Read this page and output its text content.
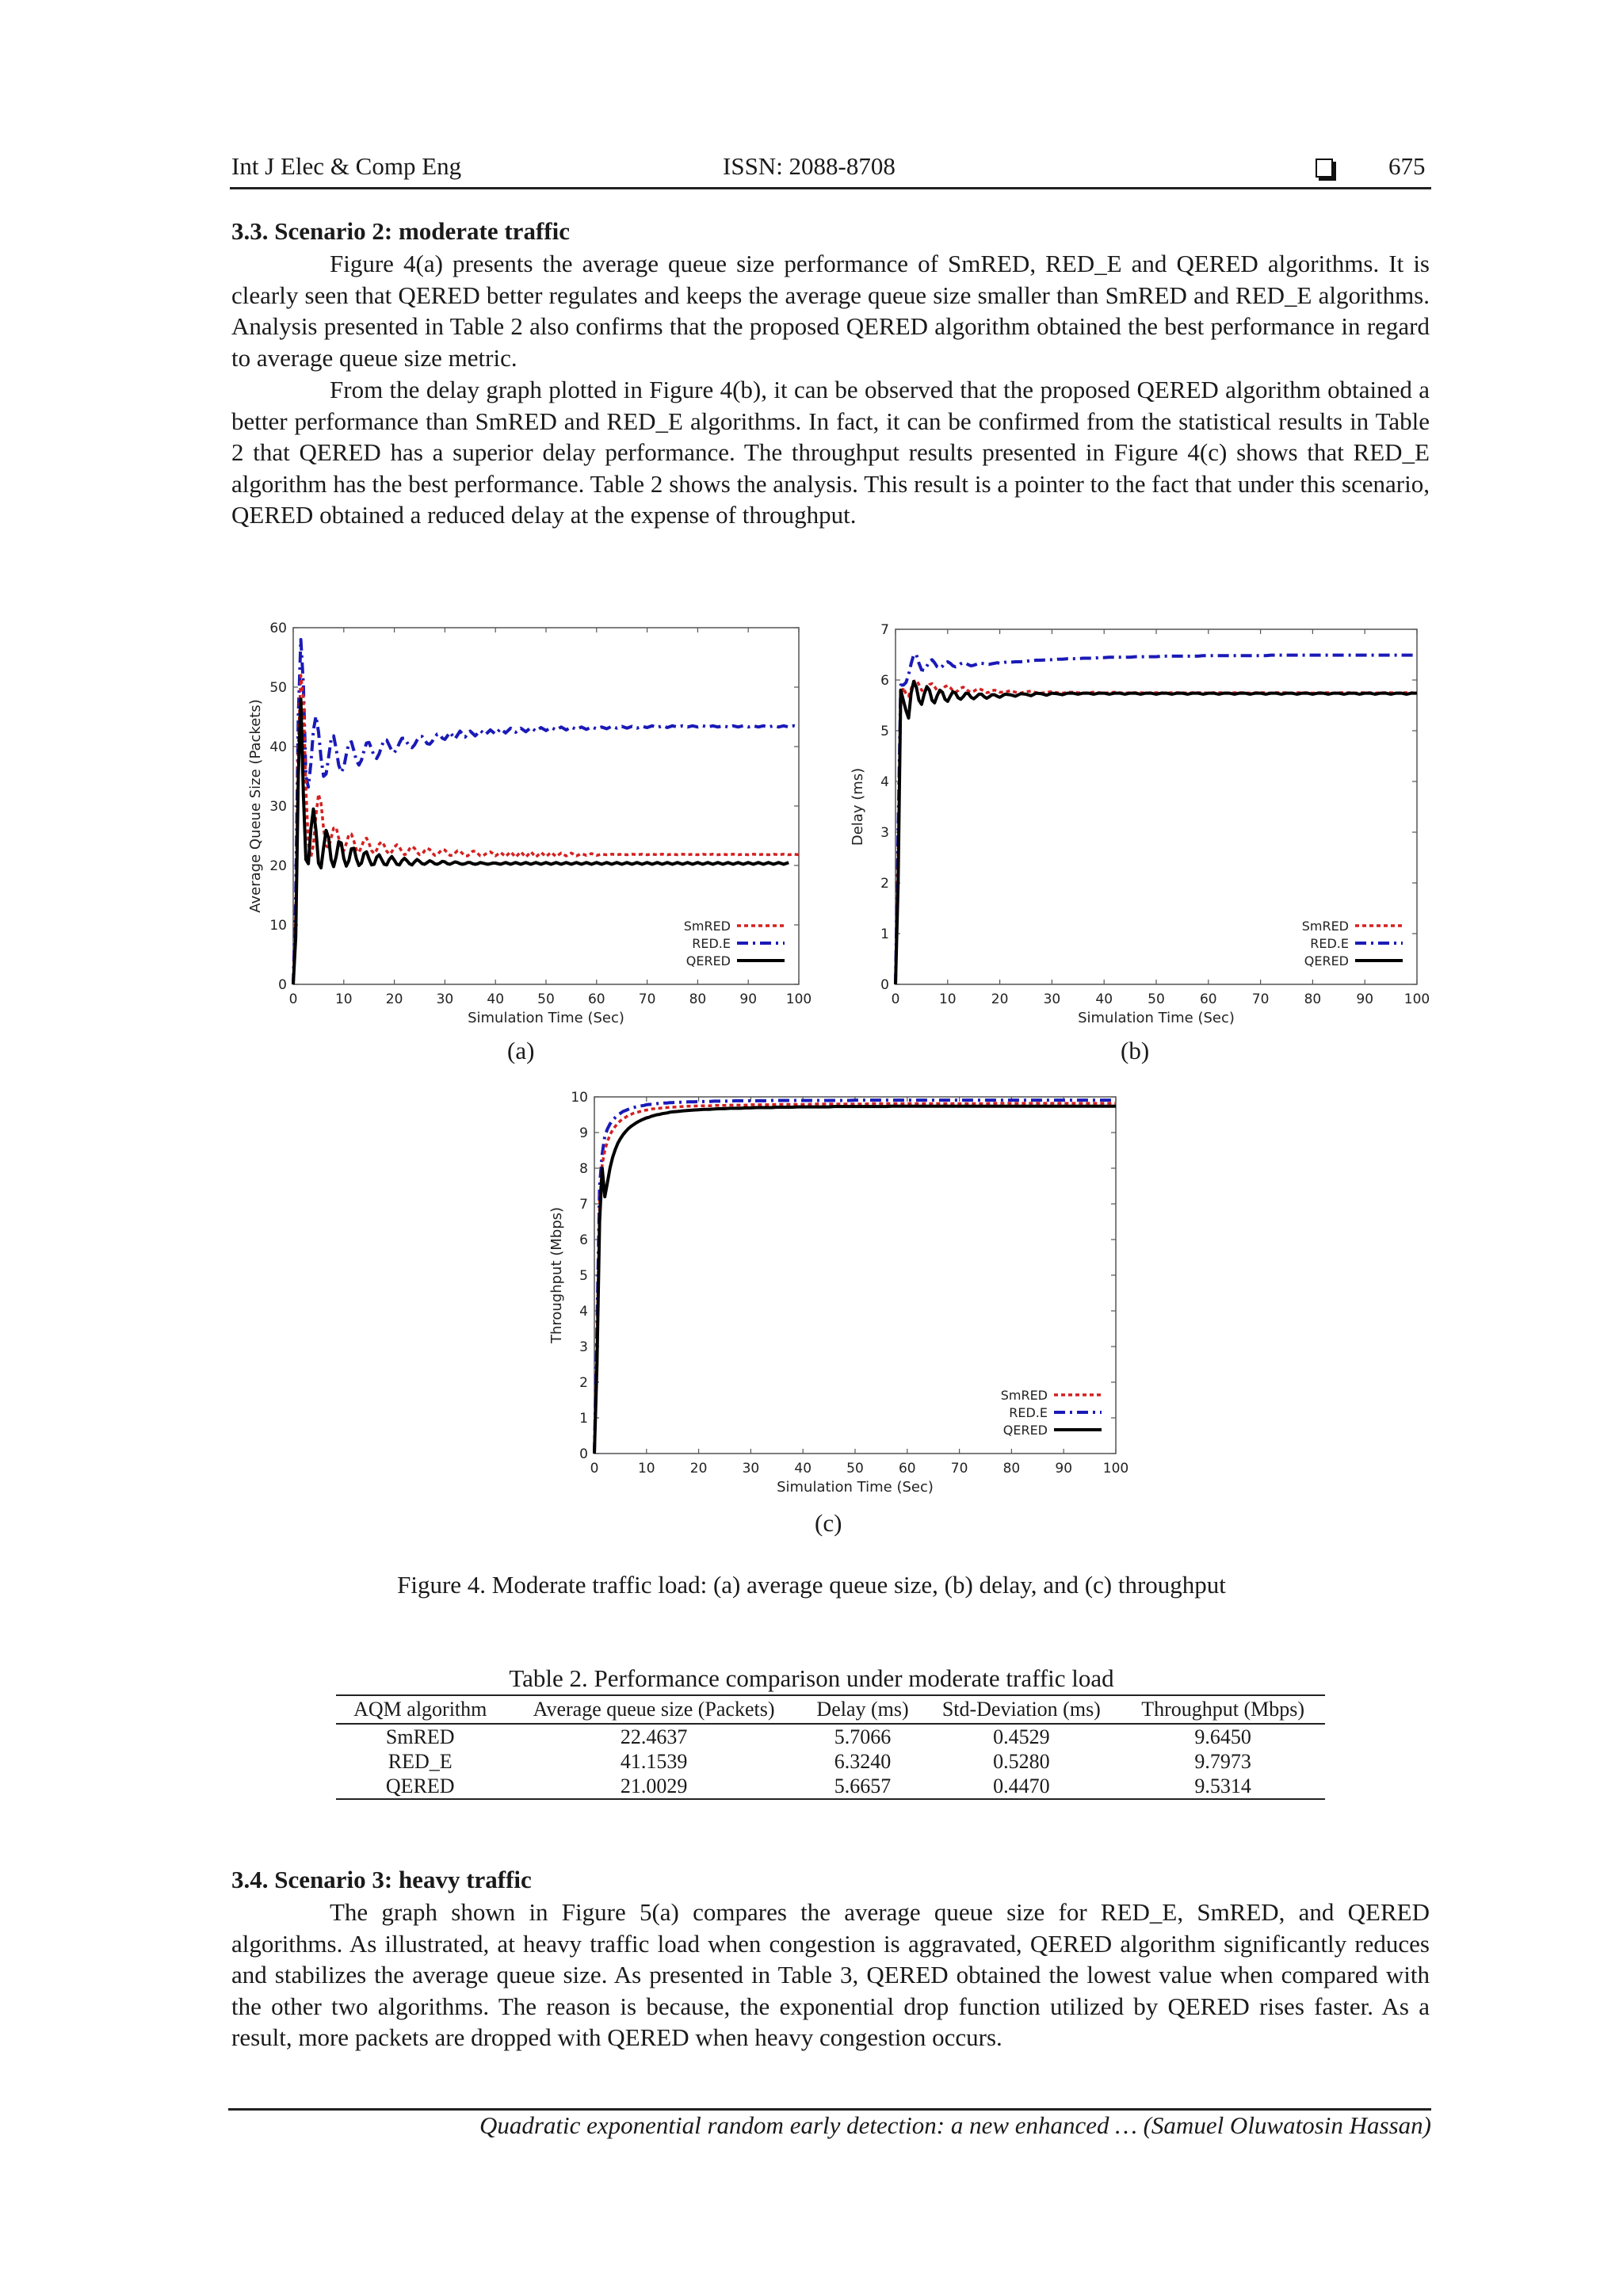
Int J Elec & Comp Eng	ISSN: 2088-8708	675
3.3. Scenario 2: moderate traffic
Figure 4(a) presents the average queue size performance of SmRED, RED_E and QERED algorithms. It is clearly seen that QERED better regulates and keeps the average queue size smaller than SmRED and RED_E algorithms. Analysis presented in Table 2 also confirms that the proposed QERED algorithm obtained the best performance in regard to average queue size metric.
From the delay graph plotted in Figure 4(b), it can be observed that the proposed QERED algorithm obtained a better performance than SmRED and RED_E algorithms. In fact, it can be confirmed from the statistical results in Table 2 that QERED has a superior delay performance. The throughput results presented in Figure 4(c) shows that RED_E algorithm has the best performance. Table 2 shows the analysis. This result is a pointer to the fact that under this scenario, QERED obtained a reduced delay at the expense of throughput.
0	10 20 30 40 50 60 70 80 90 100
0
10
20
30
40
50
60
Simulation Time (Sec)
Average Queue Size (Packets)
SmRED
RED.E
QERED
(a)
0	10	20	30	40	50	60	70	80	90 100
0
1
2
3
4
5
6
7
Simulation Time (Sec)
Delay (ms)
SmRED
RED.E
QERED
(b)
0	10	20	30	40	50	60	70	80	90 100
0
1
2
3
4
5
6
7
8
9
10
Simulation Time (Sec)
Throughput (Mbps)
SmRED
RED.E
QERED
(c)
Figure 4. Moderate traffic load: (a) average queue size, (b) delay, and (c) throughput
Table 2. Performance comparison under moderate traffic load
AQM algorithm	Average queue size (Packets)	Delay (ms)	Std-Deviation (ms)	Throughput (Mbps)
SmRED	22.4637	5.7066	0.4529	9.6450
RED_E	41.1539	6.3240	0.5280	9.7973
QERED	21.0029	5.6657	0.4470	9.5314
3.4. Scenario 3: heavy traffic
The graph shown in Figure 5(a) compares the average queue size for RED_E, SmRED, and QERED algorithms. As illustrated, at heavy traffic load when congestion is aggravated, QERED algorithm significantly reduces and stabilizes the average queue size. As presented in Table 3, QERED obtained the lowest value when compared with the other two algorithms. The reason is because, the exponential drop function utilized by QERED rises faster. As a result, more packets are dropped with QERED when heavy congestion occurs.
Quadratic exponential random early detection: a new enhanced … (Samuel Oluwatosin Hassan)
